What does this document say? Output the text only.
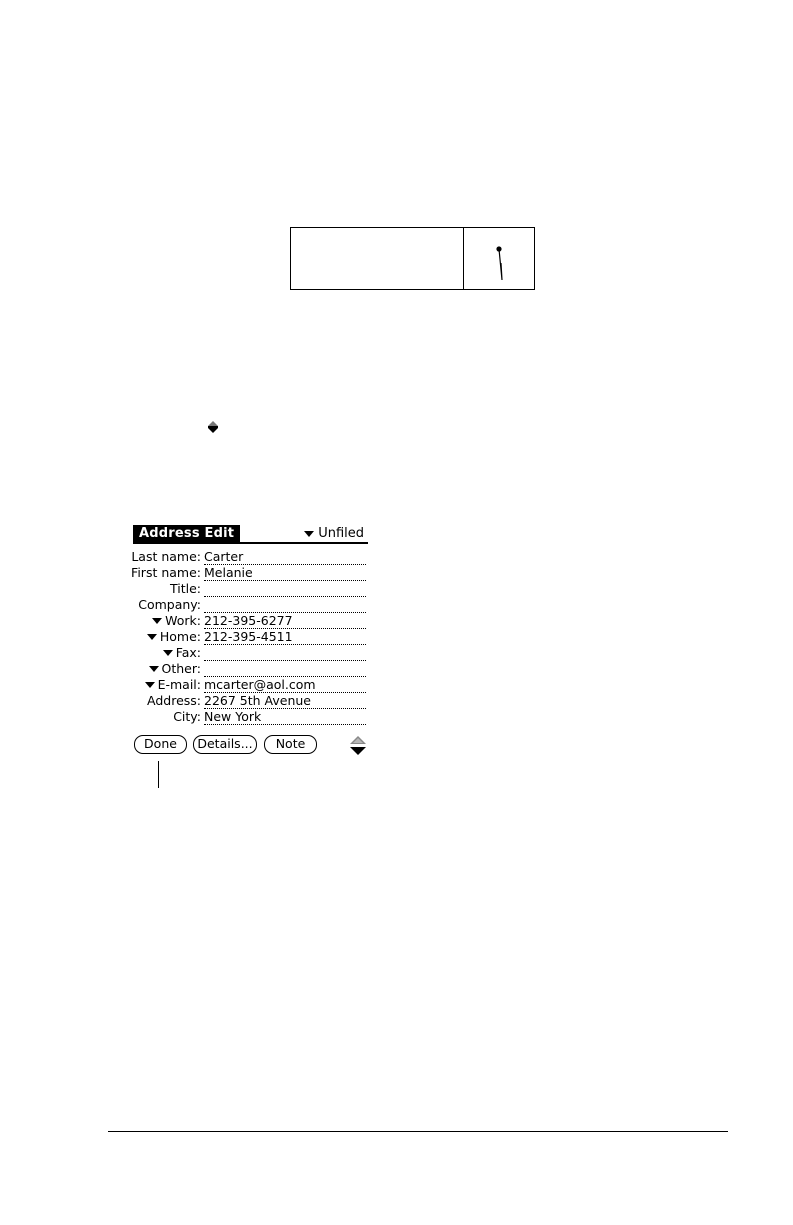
Address Edit	Unfiled
Last name: Carter
First name: Melanie
Title:
Company:
Work: 212-395-6277
Home: 212-395-4511
Fax:
Other:
E-mail: mcarter@aol.com
Address: 2267 5th Avenue
City: New York
Done	Details...	Note
